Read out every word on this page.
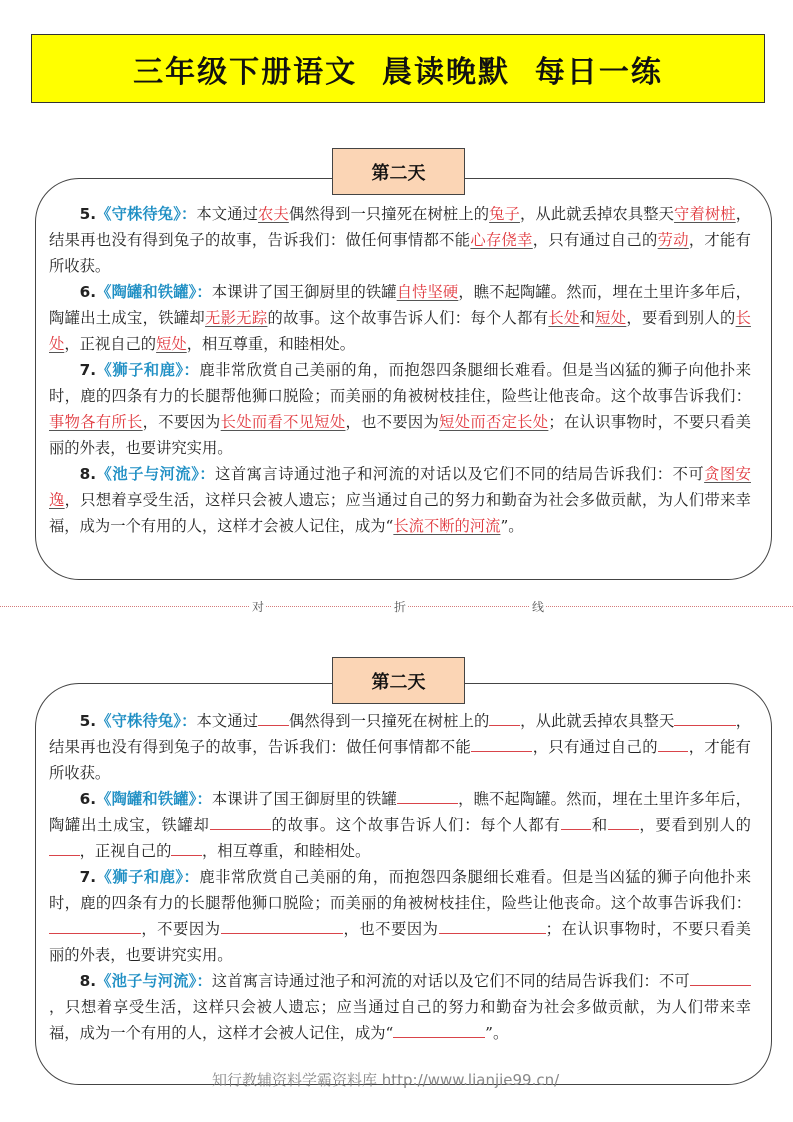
三年级下册语文  晨读晚默  每日一练
第二天

5.《守株待兔》：本文通过农夫偶然得到一只撞死在树桩上的兔子，从此就丢掉农具整天守着树桩，结果再也没有得到兔子的故事，告诉我们：做任何事情都不能心存侥幸，只有通过自己的劳动，才能有所收获。

6.《陶罐和铁罐》：本课讲了国王御厨里的铁罐自恃坚硬，瞧不起陶罐。然而，埋在土里许多年后，陶罐出土成宝，铁罐却无影无踪的故事。这个故事告诉人们：每个人都有长处和短处，要看到别人的长处，正视自己的短处，相互尊重，和睦相处。

7.《狮子和鹿》：鹿非常欣赏自己美丽的角，而抱怨四条腿细长难看。但是当凶猛的狮子向他扑来时，鹿的四条有力的长腿帮他狮口脱险；而美丽的角被树枝挂住，险些让他丧命。这个故事告诉我们：事物各有所长，不要因为长处而看不见短处，也不要因为短处而否定长处；在认识事物时，不要只看美丽的外表，也要讲究实用。

8.《池子与河流》：这首寓言诗通过池子和河流的对话以及它们不同的结局告诉我们：不可贪图安逸，只想着享受生活，这样只会被人遗忘；应当通过自己的努力和勤奋为社会多做贡献，为人们带来幸福，成为一个有用的人，这样才会被人记住，成为“长流不断的河流”。

对	折	线
第二天

5.《守株待兔》：本文通过 偶然得到一只撞死在树桩上的 ，从此就丢掉农具整天	，结果再也没有得到兔子的故事，告诉我们：做任何事情都不能	，只有通过自己的 ，才能有所收获。

6.《陶罐和铁罐》：本课讲了国王御厨里的铁罐	，瞧不起陶罐。然而，埋在土里许多年后，陶罐出土成宝，铁罐却	的故事。这个故事告诉人们：每个人都有 和 ，要看到别人的，正视自己的 ，相互尊重，和睦相处。

7.《狮子和鹿》：鹿非常欣赏自己美丽的角，而抱怨四条腿细长难看。但是当凶猛的狮子向他扑来时，鹿的四条有力的长腿帮他狮口脱险；而美丽的角被树枝挂住，险些让他丧命。这个故事告诉我们：，不要因为	，也不要因为	；在认识事物时，不要只看美丽的外表，也要讲究实用。

8.《池子与河流》：这首寓言诗通过池子和河流的对话以及它们不同的结局告诉我们：不可，只想着享受生活，这样只会被人遗忘；应当通过自己的努力和勤奋为社会多做贡献，为人们带来幸福，成为一个有用的人，这样才会被人记住，成为“	”。

知行教辅资料学霸资料库 http://www.lianjie99.cn/
